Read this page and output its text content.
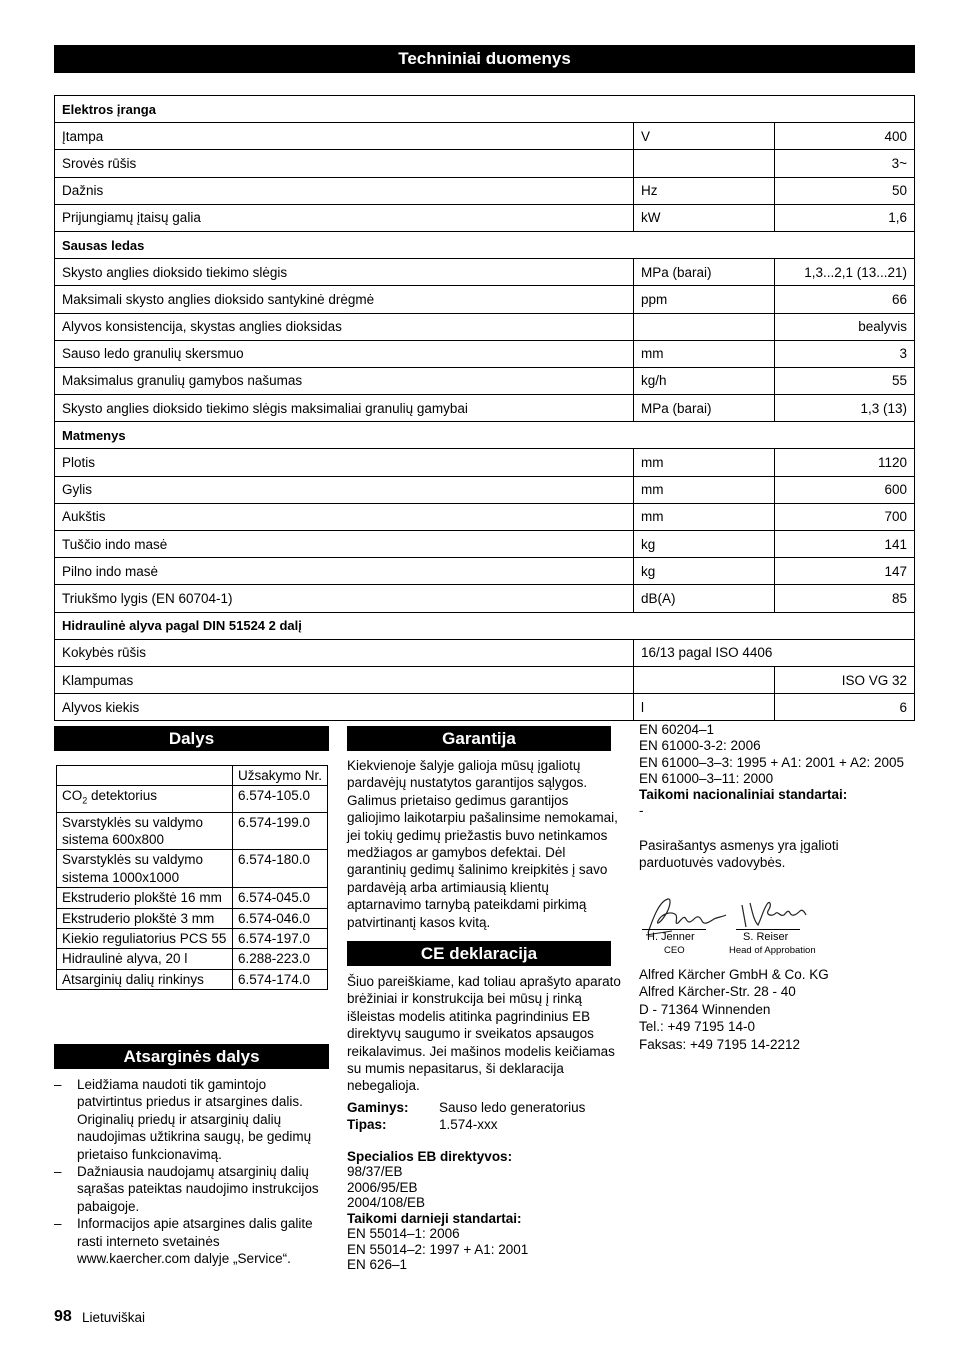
Techniniai duomenys
Elektros įranga		
Įtampa	V	400
Srovės rūšis		3~
Dažnis	Hz	50
Prijungiamų įtaisų galia	kW	1,6
Sausas ledas		
Skysto anglies dioksido tiekimo slėgis	MPa (barai)	1,3...2,1 (13...21)
Maksimali skysto anglies dioksido santykinė drėgmė	ppm	66
Alyvos konsistencija, skystas anglies dioksidas		bealyvis
Sauso ledo granulių skersmuo	mm	3
Maksimalus granulių gamybos našumas	kg/h	55
Skysto anglies dioksido tiekimo slėgis maksimaliai granulių gamybai	MPa (barai)	1,3 (13)
Matmenys		
Plotis	mm	1120
Gylis	mm	600
Aukštis	mm	700
Tuščio indo masė	kg	141
Pilno indo masė	kg	147
Triukšmo lygis (EN 60704-1)	dB(A)	85
Hidraulinė alyva pagal DIN 51524 2 dalį		
Kokybės rūšis	16/13 pagal ISO 4406	
Klampumas		ISO VG 32
Alyvos kiekis	l	6
Dalys
	Užsakymo Nr.
$CO_2$ detektorius	6.574-105.0
Svarstyklės su valdymo sistema 600x800	6.574-199.0
Svarstyklės su valdymo sistema 1000x1000	6.574-180.0
Ekstruderio plokštė 16 mm	6.574-045.0
Ekstruderio plokštė 3 mm	6.574-046.0
Kiekio reguliatorius PCS 55	6.574-197.0
Hidraulinė alyva, 20 l	6.288-223.0
Atsarginių dalių rinkinys	6.574-174.0
Atsarginės dalys
– Leidžiama naudoti tik gamintojo patvirtintus priedus ir atsargines dalis. Originalių priedų ir atsarginių dalių naudojimas užtikrina saugų, be gedimų prietaiso funkcionavimą.
– Dažniausia naudojamų atsarginių dalių sąrašas pateiktas naudojimo instrukcijos pabaigoje.
– Informacijos apie atsargines dalis galite rasti interneto svetainės www.kaercher.com dalyje „Service“.
Garantija
Kiekvienoje šalyje galioja mūsų įgaliotų pardavėjų nustatytos garantijos sąlygos. Galimus prietaiso gedimus garantijos galiojimo laikotarpiu pašalinsime nemokamai, jei tokių gedimų priežastis buvo netinkamos medžiagos ar gamybos defektai. Dėl garantinių gedimų šalinimo kreipkitės į savo pardavėją arba artimiausią klientų aptarnavimo tarnybą pateikdami pirkimą patvirtinantį kasos kvitą.
CE deklaracija
Šiuo pareiškiame, kad toliau aprašyto aparato brėžiniai ir konstrukcija bei mūsų į rinką išleistas modelis atitinka pagrindinius EB direktyvų saugumo ir sveikatos apsaugos reikalavimus. Jei mašinos modelis keičiamas su mumis nepasitarus, ši deklaracija nebegalioja.
Gaminys:	Sauso ledo generatorius
Tipas:	1.574-xxx
Specialios EB direktyvos:
98/37/EB
2006/95/EB
2004/108/EB
Taikomi darnieji standartai:
EN 55014–1: 2006
EN 55014–2: 1997 + A1: 2001
EN 626–1
EN 60204–1
EN 61000-3-2: 2006
EN 61000–3–3: 1995 + A1: 2001 + A2: 2005
EN 61000–3–11: 2000
Taikomi nacionaliniai standartai:
-
Pasirašantys asmenys yra įgalioti parduotuvės vadovybės.
H. Jenner
CEO
S. Reiser
Head of Approbation
Alfred Kärcher GmbH & Co. KG
Alfred Kärcher-Str. 28 - 40
D - 71364 Winnenden
Tel.: +49 7195 14-0
Faksas: +49 7195 14-2212
98 Lietuviškai
